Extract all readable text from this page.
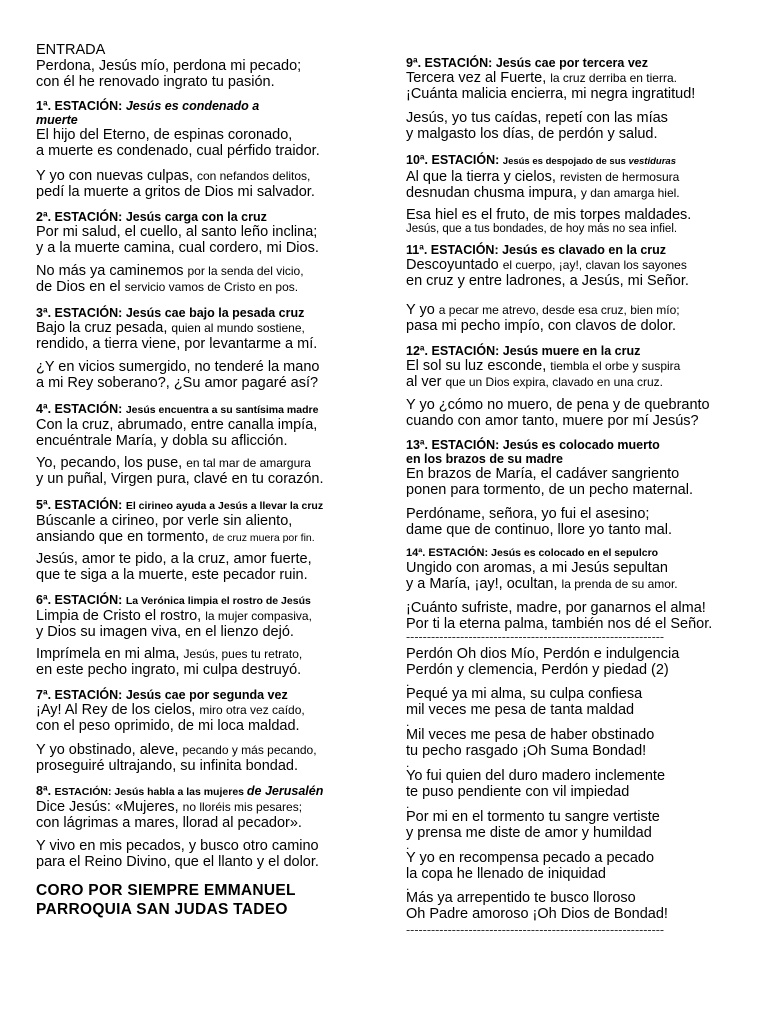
ENTRADA
Perdona, Jesús mío, perdona mi pecado;
con él he renovado ingrato tu pasión.
1ª. ESTACIÓN: Jesús es condenado a
muerte
El hijo del Eterno, de espinas coronado,
a muerte es condenado, cual pérfido traidor.
Y yo con nuevas culpas, con nefandos delitos,
pedí la muerte a gritos de Dios mi salvador.
2ª. ESTACIÓN: Jesús carga con la cruz
Por mi salud, el cuello, al santo leño inclina;
y a la muerte camina, cual cordero, mi Dios.
No más ya caminemos por la senda del vicio,
de Dios en el servicio vamos de Cristo en pos.
3ª. ESTACIÓN: Jesús cae bajo la pesada cruz
Bajo la cruz pesada, quien al mundo sostiene,
rendido, a tierra viene, por levantarme a mí.
¿Y en vicios sumergido, no tenderé la mano
a mi Rey soberano?, ¿Su amor pagaré así?
4ª. ESTACIÓN: Jesús encuentra a su santísima madre
Con la cruz, abrumado, entre canalla impía,
encuéntrale María, y dobla su aflicción.
Yo, pecando, los puse, en tal mar de amargura
y un puñal, Virgen pura, clavé en tu corazón.
5ª. ESTACIÓN: El cirineo ayuda a Jesús a llevar la cruz
Búscanle a cirineo, por verle sin aliento,
ansiando que en tormento, de cruz muera por fin.
Jesús, amor te pido, a la cruz, amor fuerte,
que te siga a la muerte, este pecador ruin.
6ª. ESTACIÓN: La Verónica limpia el rostro de Jesús
Limpia de Cristo el rostro, la mujer compasiva,
y Dios su imagen viva, en el lienzo dejó.
Imprímela en mi alma, Jesús, pues tu retrato,
en este pecho ingrato, mi culpa destruyó.
7ª. ESTACIÓN: Jesús cae por segunda vez
¡Ay! Al Rey de los cielos, miro otra vez caído,
con el peso oprimido, de mi loca maldad.
Y yo obstinado, aleve, pecando y más pecando,
proseguiré ultrajando, su infinita bondad.
8ª. ESTACIÓN: Jesús habla a las mujeres de Jerusalén
Dice Jesús: «Mujeres, no lloréis mis pesares;
con lágrimas a mares, llorad al pecador».
Y vivo en mis pecados, y busco otro camino
para el Reino Divino, que el llanto y el dolor.
CORO POR SIEMPRE EMMANUEL
PARROQUIA SAN JUDAS TADEO
9ª. ESTACIÓN: Jesús cae por tercera vez
Tercera vez al Fuerte, la cruz derriba en tierra.
¡Cuánta malicia encierra, mi negra ingratitud!
Jesús, yo tus caídas, repetí con las mías
y malgasto los días, de perdón y salud.
10ª. ESTACIÓN: Jesús es despojado de sus vestiduras
Al que la tierra y cielos, revisten de hermosura
desnudan chusma impura, y dan amarga hiel.
Esa hiel es el fruto, de mis torpes maldades.
Jesús, que a tus bondades, de hoy más no sea infiel.
11ª. ESTACIÓN: Jesús es clavado en la cruz
Descoyuntado el cuerpo, ¡ay!, clavan los sayones
en cruz y entre ladrones, a Jesús, mi Señor.
Y yo a pecar me atrevo, desde esa cruz, bien mío;
pasa mi pecho impío, con clavos de dolor.
12ª. ESTACIÓN: Jesús muere en la cruz
El sol su luz esconde, tiembla el orbe y suspira
al ver que un Dios expira, clavado en una cruz.
Y yo ¿cómo no muero, de pena y de quebranto
cuando con amor tanto, muere por mí Jesús?
13ª. ESTACIÓN: Jesús es colocado muerto
en los brazos de su madre
En brazos de María, el cadáver sangriento
ponen para tormento, de un pecho maternal.
Perdóname, señora, yo fui el asesino;
dame que de continuo, llore yo tanto mal.
14ª. ESTACIÓN: Jesús es colocado en el sepulcro
Ungido con aromas, a mi Jesús sepultan
y a María, ¡ay!, ocultan, la prenda de su amor.
¡Cuánto sufriste, madre, por ganarnos el alma!
Por ti la eterna palma, también nos dé el Señor.
--------------------------------------------------------------
Perdón Oh dios Mío, Perdón e indulgencia
Perdón y clemencia, Perdón y piedad (2)
.
Pequé ya mi alma, su culpa confiesa
mil veces me pesa de tanta maldad
.
Mil veces me pesa de haber obstinado
tu pecho rasgado ¡Oh Suma Bondad!
.
Yo fui quien del duro madero inclemente
te puso pendiente con vil impiedad
.
Por mi en el tormento tu sangre vertiste
y prensa me diste de amor y humildad
.
Y yo en recompensa pecado a pecado
la copa he llenado de iniquidad
.
Más ya arrepentido te busco lloroso
Oh Padre amoroso ¡Oh Dios de Bondad!
--------------------------------------------------------------
